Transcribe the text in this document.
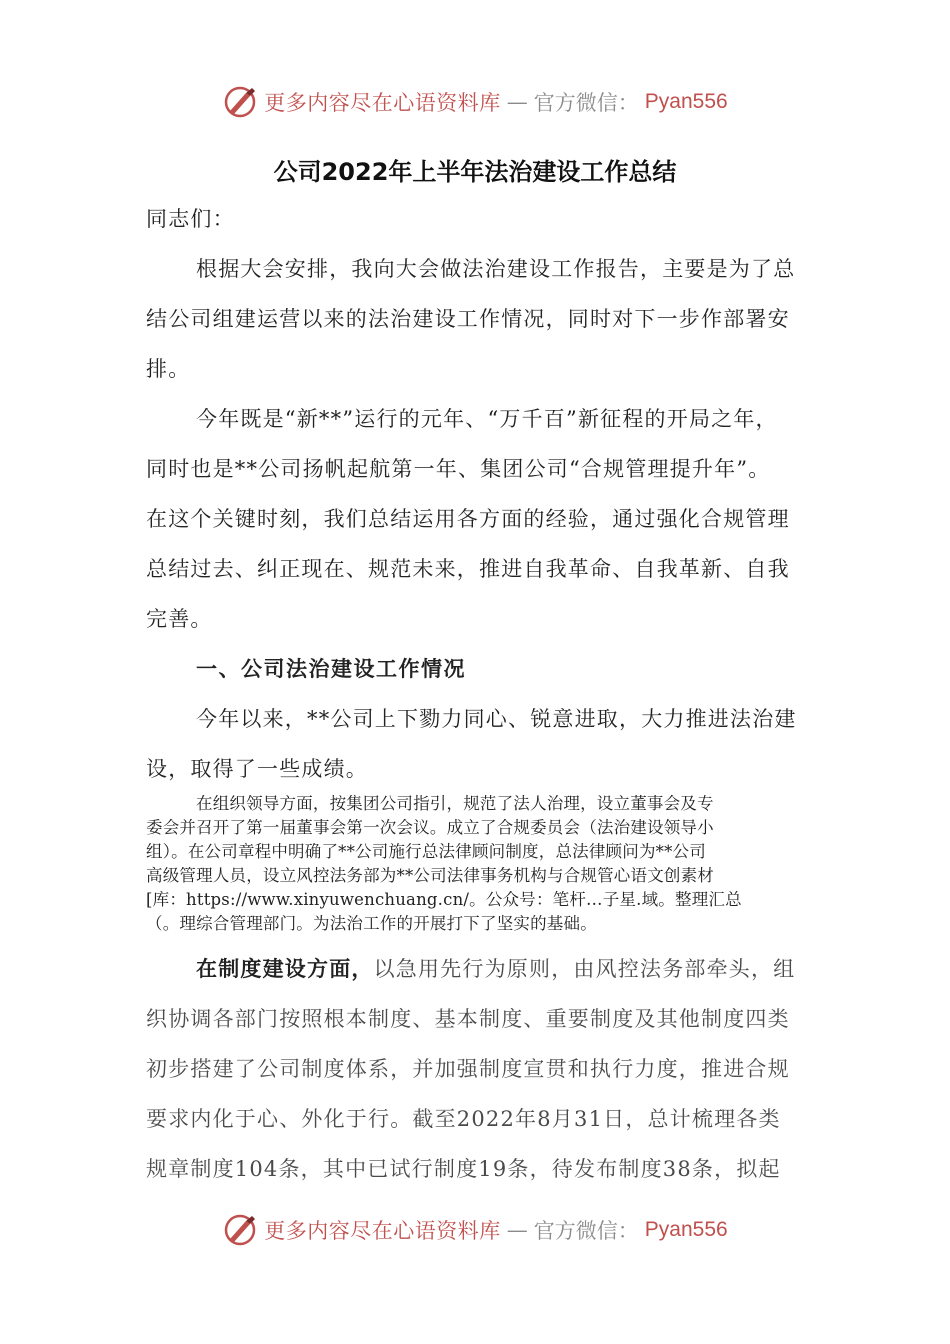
更多内容尽在心语资料库 — 官方微信： Pyan556
公司2022年上半年法治建设工作总结

同志们：

根据大会安排，我向大会做法治建设工作报告，主要是为了总

结公司组建运营以来的法治建设工作情况，同时对下一步作部署安

排。

今年既是“新**”运行的元年、“万千百”新征程的开局之年，

同时也是**公司扬帆起航第一年、集团公司“合规管理提升年”。

在这个关键时刻，我们总结运用各方面的经验，通过强化合规管理

总结过去、纠正现在、规范未来，推进自我革命、自我革新、自我

完善。

一、公司法治建设工作情况

今年以来，**公司上下勠力同心、锐意进取，大力推进法治建

设，取得了一些成绩。

在组织领导方面，按集团公司指引，规范了法人治理，设立董事会及专

委会并召开了第一届董事会第一次会议。成立了合规委员会（法治建设领导小

组）。在公司章程中明确了**公司施行总法律顾问制度，总法律顾问为**公司

高级管理人员，设立风控法务部为**公司法律事务机构与合规管心语文创素材

[库：https://www.xinyuwenchuang.cn/。公众号：笔杆…子星.域。整理汇总

（。理综合管理部门。为法治工作的开展打下了坚实的基础。

在制度建设方面，以急用先行为原则，由风控法务部牵头，组

织协调各部门按照根本制度、基本制度、重要制度及其他制度四类

初步搭建了公司制度体系，并加强制度宣贯和执行力度，推进合规

要求内化于心、外化于行。截至2022年8月31日，总计梳理各类

规章制度104条，其中已试行制度19条，待发布制度38条，拟起

更多内容尽在心语资料库 — 官方微信： Pyan556
